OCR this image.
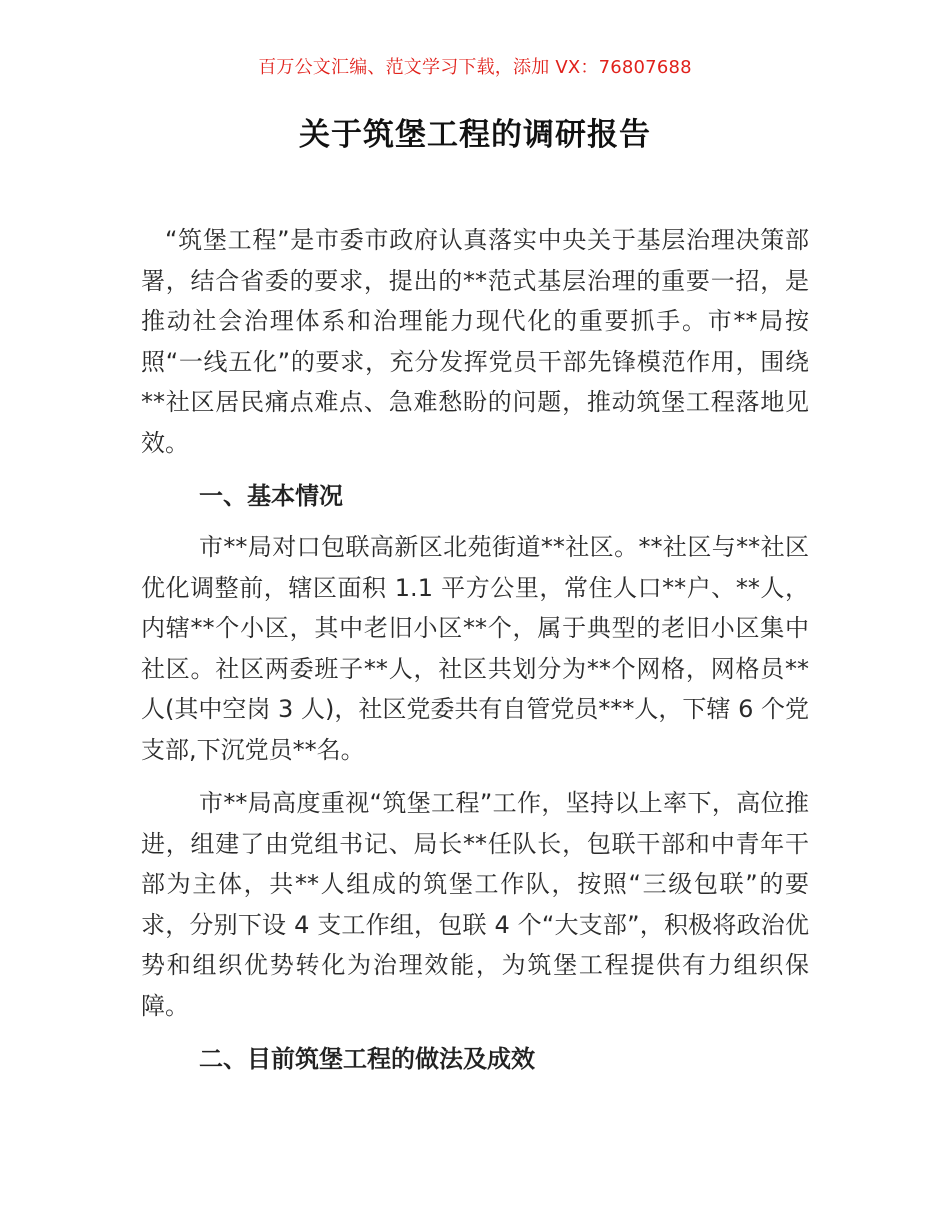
百万公文汇编、范文学习下载，添加 VX：76807688
关于筑堡工程的调研报告

“筑堡工程”是市委市政府认真落实中央关于基层治理决策部署，结合省委的要求，提出的**范式基层治理的重要一招，是推动社会治理体系和治理能力现代化的重要抓手。市**局按照“一线五化”的要求，充分发挥党员干部先锋模范作用，围绕**社区居民痛点难点、急难愁盼的问题，推动筑堡工程落地见效。

一、基本情况

市**局对口包联高新区北苑街道**社区。**社区与**社区优化调整前，辖区面积 1.1 平方公里，常住人口**户、**人，内辖**个小区，其中老旧小区**个，属于典型的老旧小区集中社区。社区两委班子**人，社区共划分为**个网格，网格员**人(其中空岗 3 人)，社区党委共有自管党员***人，下辖 6 个党支部,下沉党员**名。

市**局高度重视“筑堡工程”工作，坚持以上率下，高位推进，组建了由党组书记、局长**任队长，包联干部和中青年干部为主体，共**人组成的筑堡工作队，按照“三级包联”的要求，分别下设 4 支工作组，包联 4 个“大支部”，积极将政治优势和组织优势转化为治理效能，为筑堡工程提供有力组织保障。

二、目前筑堡工程的做法及成效
